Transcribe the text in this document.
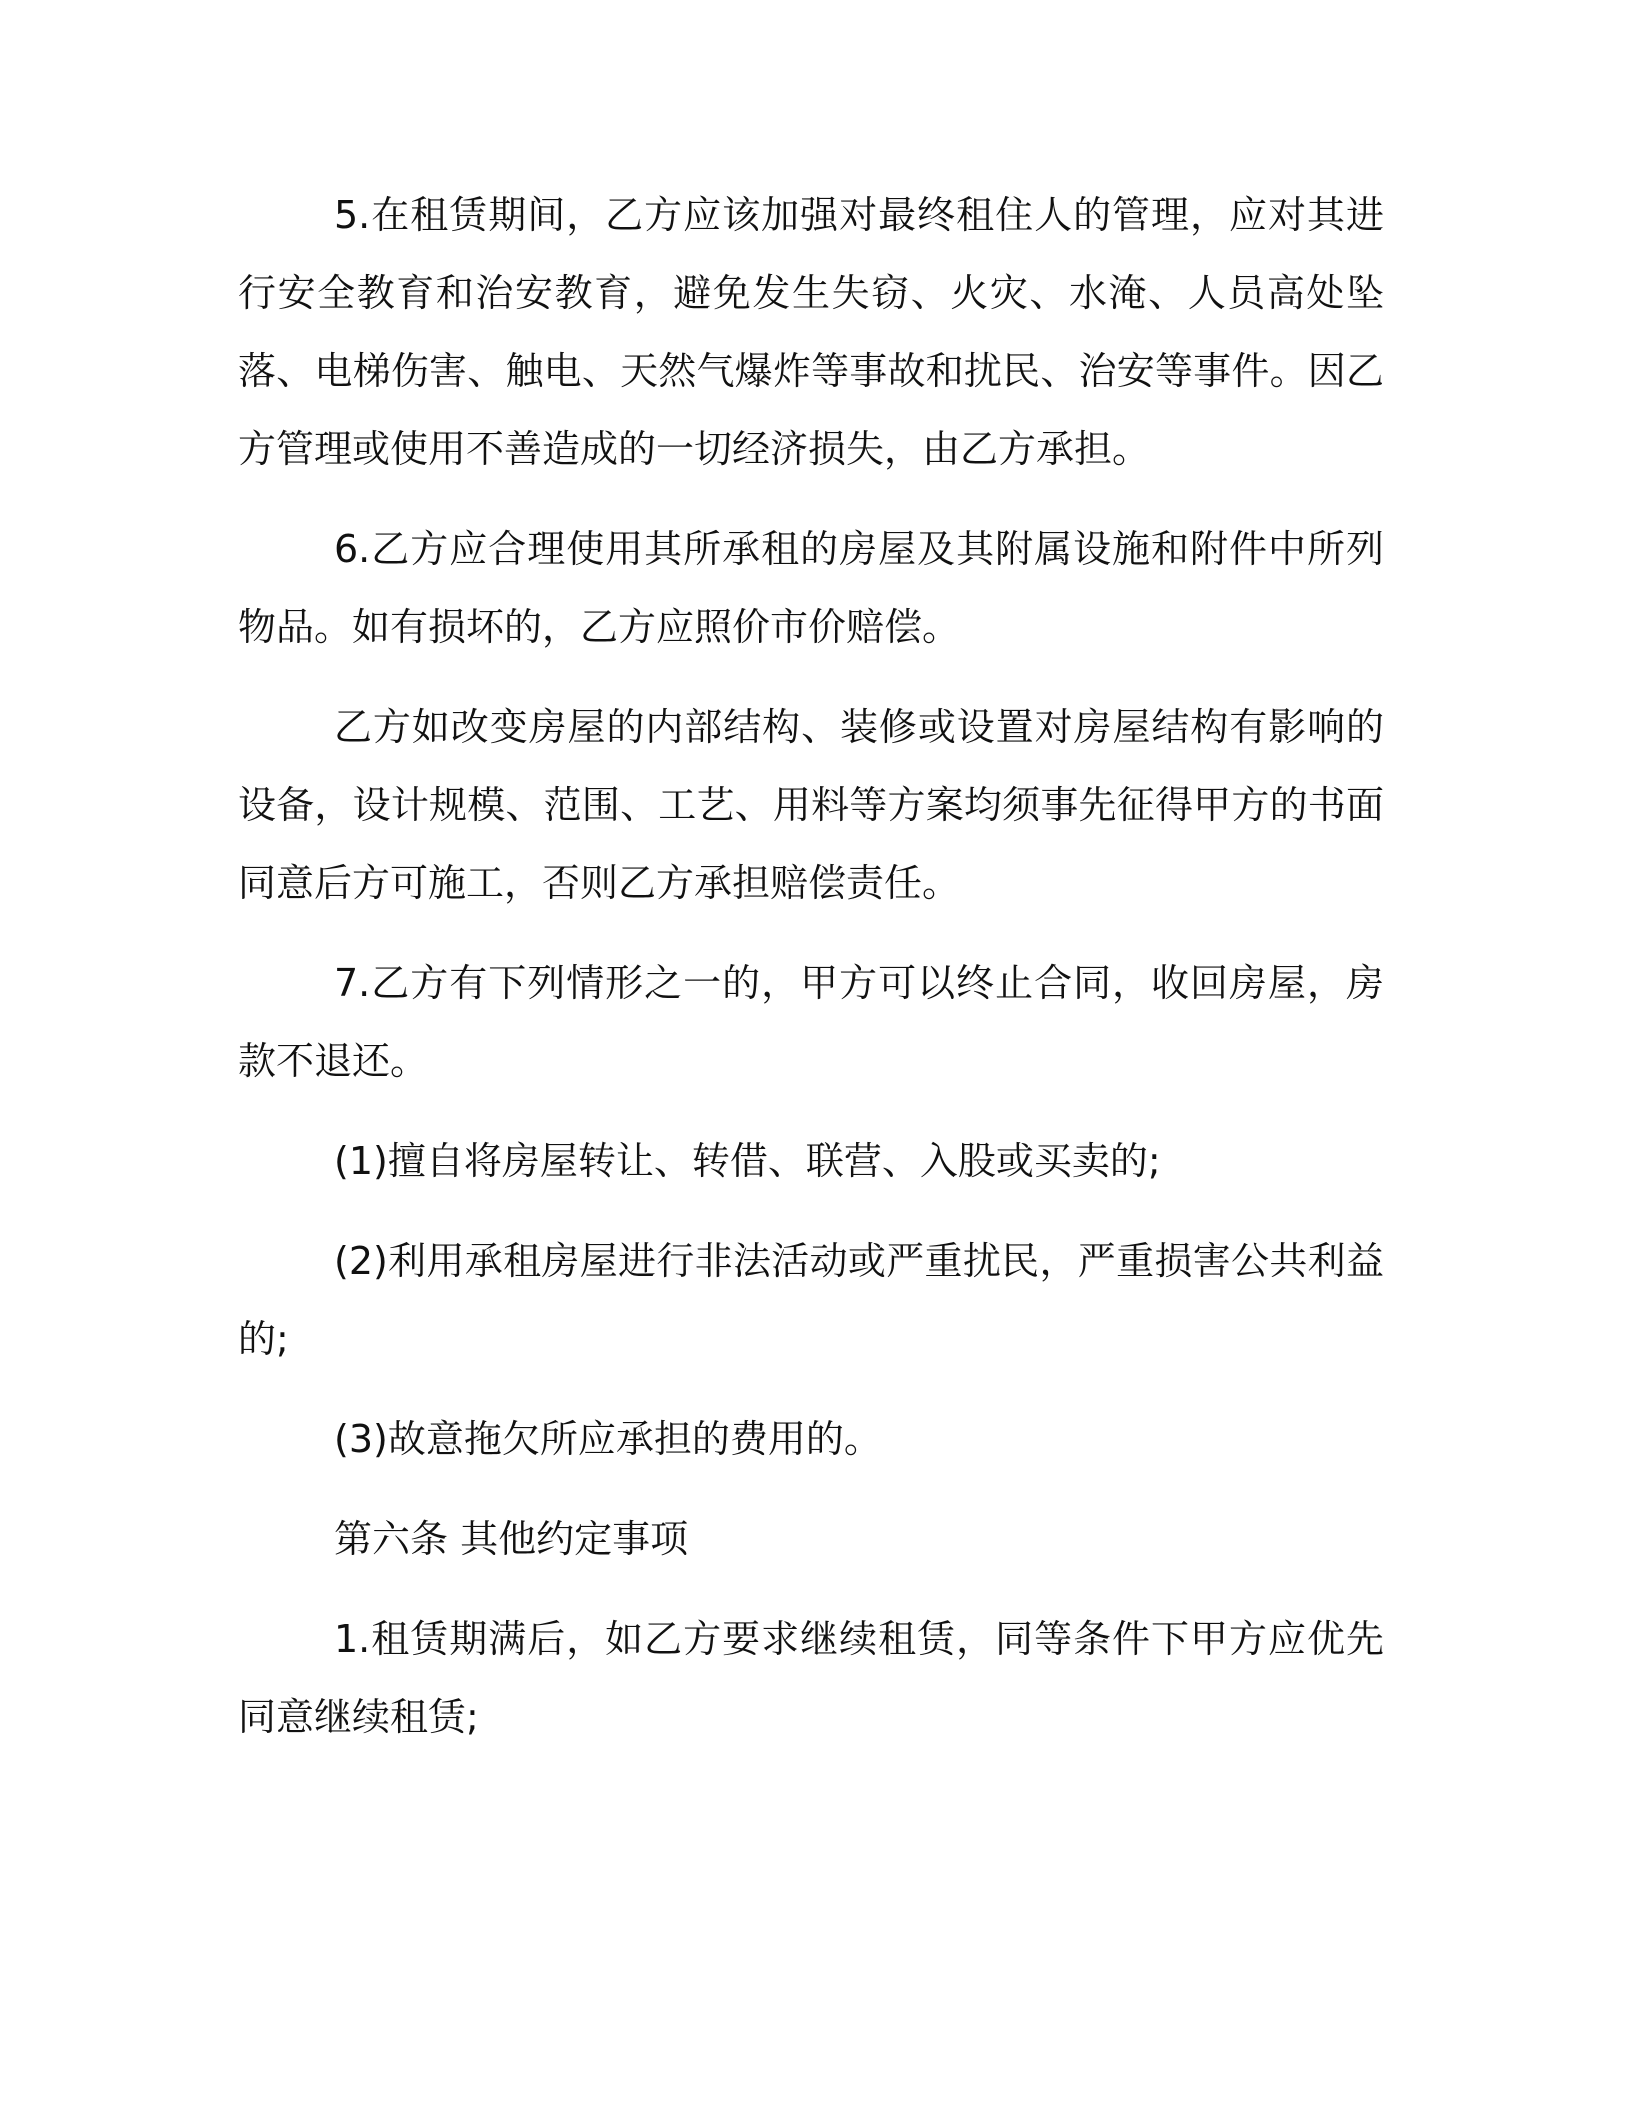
5.在租赁期间，乙方应该加强对最终租住人的管理，应对其进行安全教育和治安教育，避免发生失窃、火灾、水淹、人员高处坠落、电梯伤害、触电、天然气爆炸等事故和扰民、治安等事件。因乙方管理或使用不善造成的一切经济损失，由乙方承担。

6.乙方应合理使用其所承租的房屋及其附属设施和附件中所列物品。如有损坏的，乙方应照价市价赔偿。

乙方如改变房屋的内部结构、装修或设置对房屋结构有影响的设备，设计规模、范围、工艺、用料等方案均须事先征得甲方的书面同意后方可施工，否则乙方承担赔偿责任。

7.乙方有下列情形之一的，甲方可以终止合同，收回房屋，房款不退还。

(1)擅自将房屋转让、转借、联营、入股或买卖的;

(2)利用承租房屋进行非法活动或严重扰民，严重损害公共利益的;

(3)故意拖欠所应承担的费用的。

第六条 其他约定事项

1.租赁期满后，如乙方要求继续租赁，同等条件下甲方应优先同意继续租赁;
